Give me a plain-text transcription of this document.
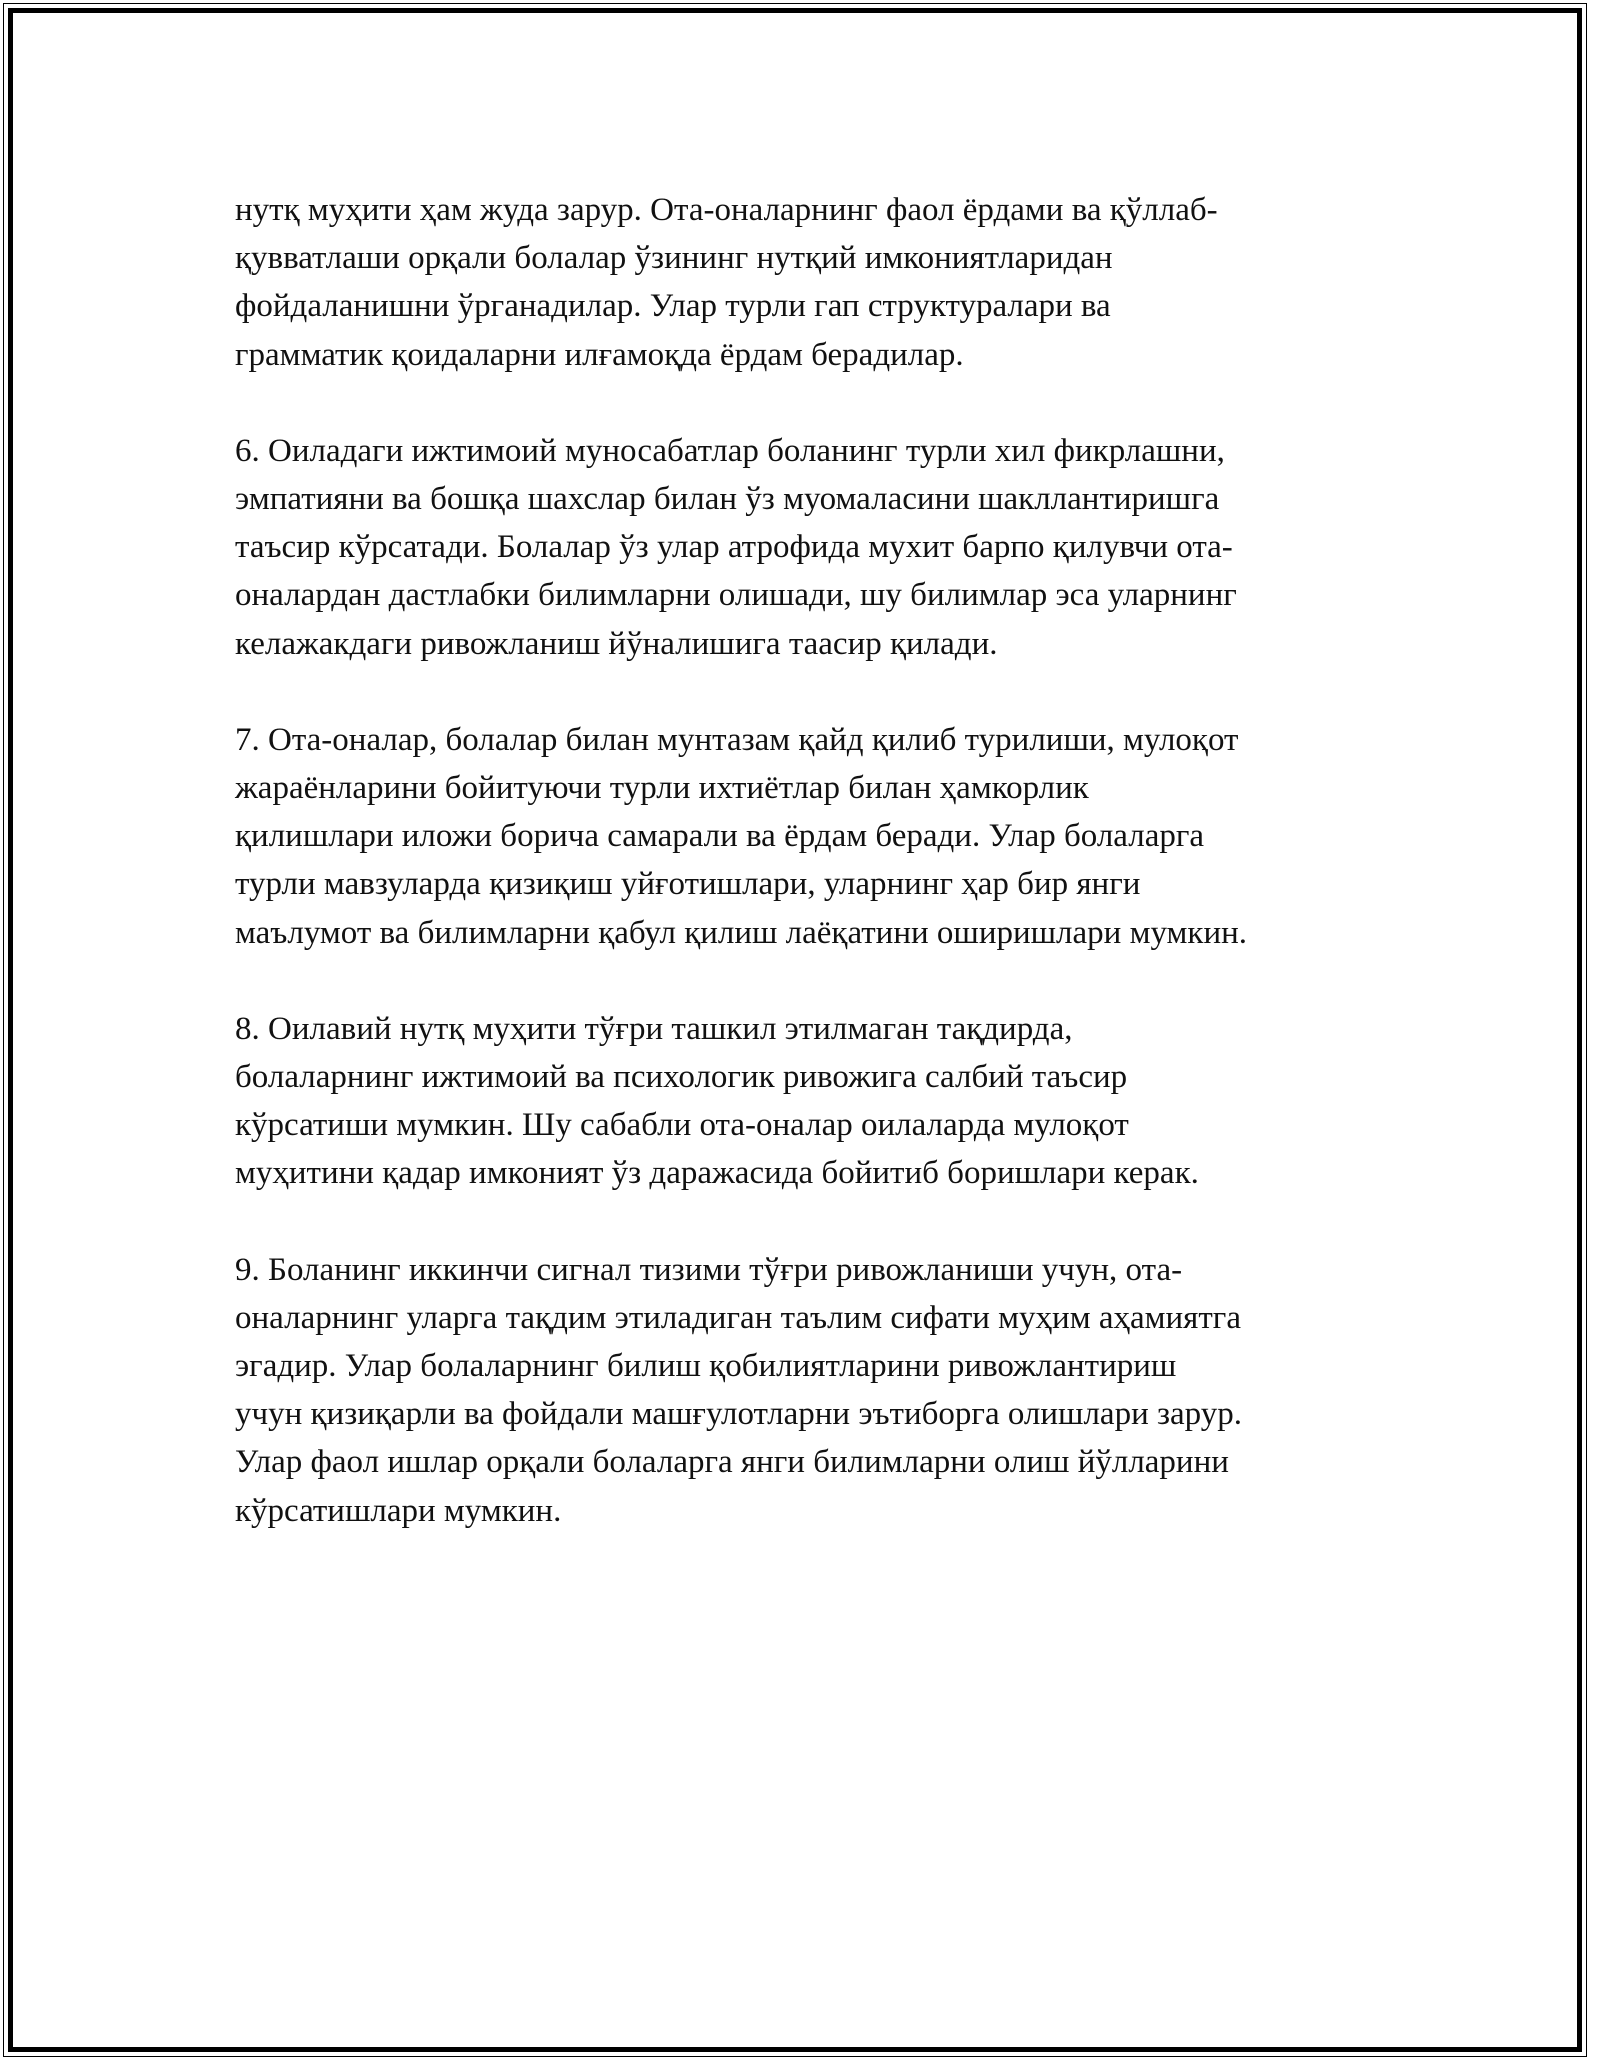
нутқ муҳити ҳам жуда зарур. Ота-оналарнинг фаол ёрдами ва қўллаб-
қувватлаши орқали болалар ўзининг нутқий имкониятларидан
фойдаланишни ўрганадилар. Улар турли гап структуралари ва
грамматик қоидаларни илғамоқда ёрдам берадилар.

6. Оиладаги ижтимоий муносабатлар боланинг турли хил фикрлашни,
эмпатияни ва бошқа шахслар билан ўз муомаласини шакллантиришга
таъсир кўрсатади. Болалар ўз улар атрофида мухит барпо қилувчи ота-
оналардан дастлабки билимларни олишади, шу билимлар эса уларнинг
келажакдаги ривожланиш йўналишига таасир қилади.

7. Ота-оналар, болалар билан мунтазам қайд қилиб турилиши, мулоқот
жараёнларини бойитуючи турли ихтиётлар билан ҳамкорлик
қилишлари иложи борича самарали ва ёрдам беради. Улар болаларга
турли мавзуларда қизиқиш уйғотишлари, уларнинг ҳар бир янги
маълумот ва билимларни қабул қилиш лаёқатини оширишлари мумкин.

8. Оилавий нутқ муҳити тўғри ташкил этилмаган тақдирда,
болаларнинг ижтимоий ва психологик ривожига салбий таъсир
кўрсатиши мумкин. Шу сабабли ота-оналар оилаларда мулоқот
муҳитини қадар имконият ўз даражасида бойитиб боришлари керак.

9. Боланинг иккинчи сигнал тизими тўғри ривожланиши учун, ота-
оналарнинг уларга тақдим этиладиган таълим сифати муҳим аҳамиятга
эгадир. Улар болаларнинг билиш қобилиятларини ривожлантириш
учун қизиқарли ва фойдали машғулотларни эътиборга олишлари зарур.
Улар фаол ишлар орқали болаларга янги билимларни олиш йўлларини
кўрсатишлари мумкин.
